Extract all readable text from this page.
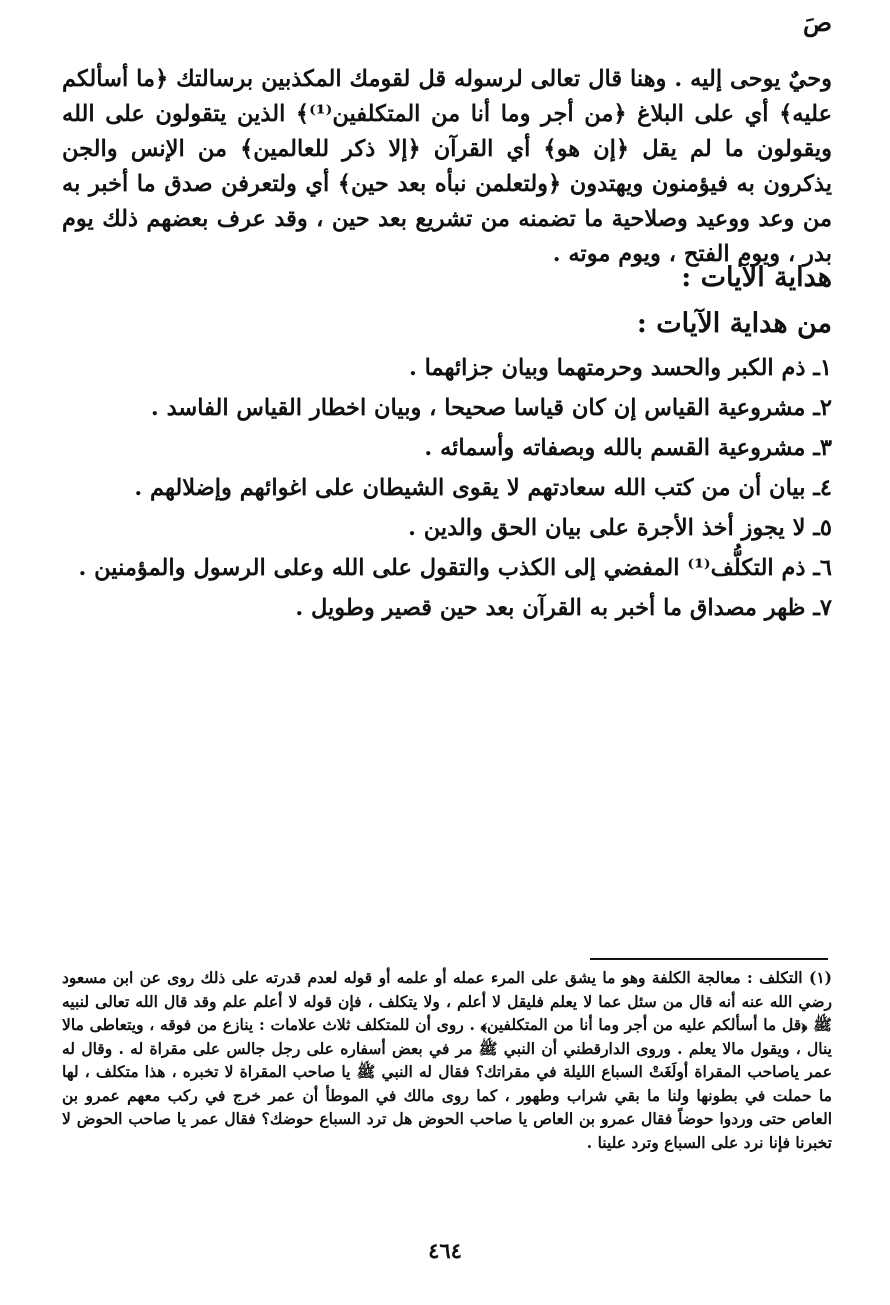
صَ

وحيٌ يوحى إليه . وهنا قال تعالى لرسوله قل لقومك المكذبين برسالتك ﴿ما أسألكم عليه﴾ أي على البلاغ ﴿من أجر وما أنا من المتكلفين⁽¹⁾﴾ الذين يتقولون على الله ويقولون ما لم يقل ﴿إن هو﴾ أي القرآن ﴿إلا ذكر للعالمين﴾ من الإنس والجن يذكرون به فيؤمنون ويهتدون ﴿ولتعلمن نبأه بعد حين﴾ أي ولتعرفن صدق ما أخبر به من وعد ووعيد وصلاحية ما تضمنه من تشريع بعد حين ، وقد عرف بعضهم ذلك يوم بدر ، ويوم الفتح ، ويوم موته .

هداية الآيات :
من هداية الآيات :
١ـ ذم الكبر والحسد وحرمتهما وبيان جزائهما .
٢ـ مشروعية القياس إن كان قياسا صحيحا ، وبيان اخطار القياس الفاسد .
٣ـ مشروعية القسم بالله وبصفاته وأسمائه .
٤ـ بيان أن من كتب الله سعادتهم لا يقوى الشيطان على اغوائهم وإضلالهم .
٥ـ لا يجوز أخذ الأجرة على بيان الحق والدين .
٦ـ ذم التكلُّف⁽¹⁾ المفضي إلى الكذب والتقول على الله وعلى الرسول والمؤمنين .
٧ـ ظهر مصداق ما أخبر به القرآن بعد حين قصير وطويل .

(١) التكلف : معالجة الكلفة وهو ما يشق على المرء عمله أو علمه أو قوله لعدم قدرته على ذلك روى عن ابن مسعود رضي الله عنه أنه قال من سئل عما لا يعلم فليقل لا أعلم ، ولا يتكلف ، فإن قوله لا أعلم علم وقد قال الله تعالى لنبيه ﷺ ﴿قل ما أسألكم عليه من أجر وما أنا من المتكلفين﴾ . روى أن للمتكلف ثلاث علامات : ينازع من فوقه ، ويتعاطى مالا ينال ، ويقول مالا يعلم . وروى الدارقطني أن النبي ﷺ مر في بعض أسفاره على رجل جالس على مقراة له . وقال له عمر ياصاحب المقراة أولَغَتْ السباع الليلة في مقراتك؟ فقال له النبي ﷺ يا صاحب المقراة لا تخبره ، هذا متكلف ، لها ما حملت في بطونها ولنا ما بقي شراب وطهور ، كما روى مالك في الموطأ أن عمر خرج في ركب معهم عمرو بن العاص حتى وردوا حوضاً فقال عمرو بن العاص يا صاحب الحوض هل ترد السباع حوضك؟ فقال عمر يا صاحب الحوض لا تخبرنا فإنا نرد على السباع وترد علينا .

٤٦٤
